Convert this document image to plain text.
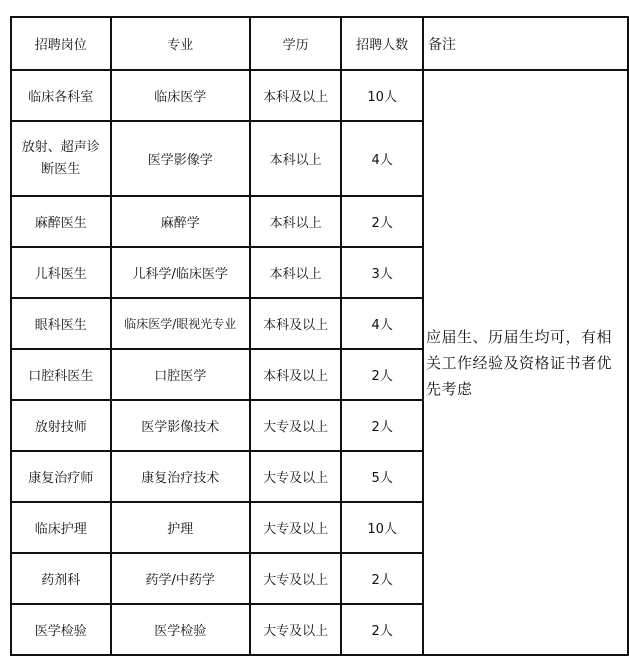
招聘岗位	专业	学历	招聘人数	备注
临床各科室	临床医学	本科及以上	10人	应届生、历届生均可，有相关工作经验及资格证书者优先考虑
放射、超声诊断医生	医学影像学	本科以上	4人	
麻醉医生	麻醉学	本科以上	2人	
儿科医生	儿科学/临床医学	本科以上	3人	
眼科医生	临床医学/眼视光专业	本科及以上	4人	
口腔科医生	口腔医学	本科及以上	2人	
放射技师	医学影像技术	大专及以上	2人	
康复治疗师	康复治疗技术	大专及以上	5人	
临床护理	护理	大专及以上	10人	
药剂科	药学/中药学	大专及以上	2人	
医学检验	医学检验	大专及以上	2人	
